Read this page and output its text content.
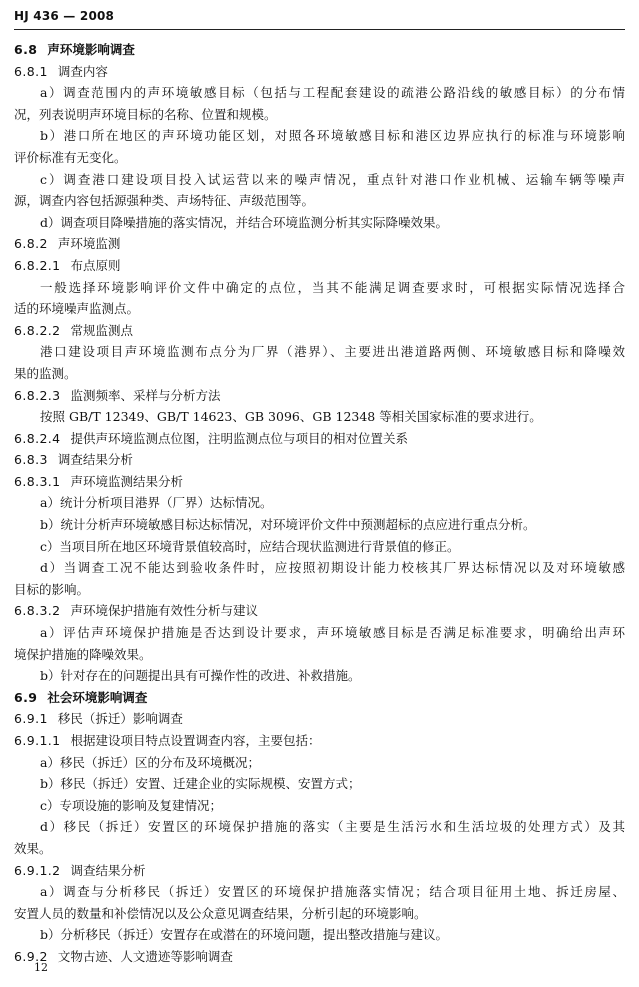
HJ 436 — 2008
6.8 声环境影响调查
6.8.1 调查内容
a）调查范围内的声环境敏感目标（包括与工程配套建设的疏港公路沿线的敏感目标）的分布情
况，列表说明声环境目标的名称、位置和规模。
b）港口所在地区的声环境功能区划，对照各环境敏感目标和港区边界应执行的标准与环境影响
评价标准有无变化。
c）调查港口建设项目投入试运营以来的噪声情况，重点针对港口作业机械、运输车辆等噪声
源，调查内容包括源强种类、声场特征、声级范围等。
d）调查项目降噪措施的落实情况，并结合环境监测分析其实际降噪效果。
6.8.2 声环境监测
6.8.2.1 布点原则
一般选择环境影响评价文件中确定的点位，当其不能满足调查要求时，可根据实际情况选择合
适的环境噪声监测点。
6.8.2.2 常规监测点
港口建设项目声环境监测布点分为厂界（港界）、主要进出港道路两侧、环境敏感目标和降噪效
果的监测。
6.8.2.3 监测频率、采样与分析方法
按照 GB/T 12349、GB/T 14623、GB 3096、GB 12348 等相关国家标准的要求进行。
6.8.2.4 提供声环境监测点位图，注明监测点位与项目的相对位置关系
6.8.3 调查结果分析
6.8.3.1 声环境监测结果分析
a）统计分析项目港界（厂界）达标情况。
b）统计分析声环境敏感目标达标情况，对环境评价文件中预测超标的点应进行重点分析。
c）当项目所在地区环境背景值较高时，应结合现状监测进行背景值的修正。
d）当调查工况不能达到验收条件时，应按照初期设计能力校核其厂界达标情况以及对环境敏感
目标的影响。
6.8.3.2 声环境保护措施有效性分析与建议
a）评估声环境保护措施是否达到设计要求，声环境敏感目标是否满足标准要求，明确给出声环
境保护措施的降噪效果。
b）针对存在的问题提出具有可操作性的改进、补救措施。
6.9 社会环境影响调查
6.9.1 移民（拆迁）影响调查
6.9.1.1 根据建设项目特点设置调查内容，主要包括：
a）移民（拆迁）区的分布及环境概况；
b）移民（拆迁）安置、迁建企业的实际规模、安置方式；
c）专项设施的影响及复建情况；
d）移民（拆迁）安置区的环境保护措施的落实（主要是生活污水和生活垃圾的处理方式）及其
效果。
6.9.1.2 调查结果分析
a）调查与分析移民（拆迁）安置区的环境保护措施落实情况；结合项目征用土地、拆迁房屋、
安置人员的数量和补偿情况以及公众意见调查结果，分析引起的环境影响。
b）分析移民（拆迁）安置存在或潜在的环境问题，提出整改措施与建议。
6.9.2 文物古迹、人文遗迹等影响调查
12
